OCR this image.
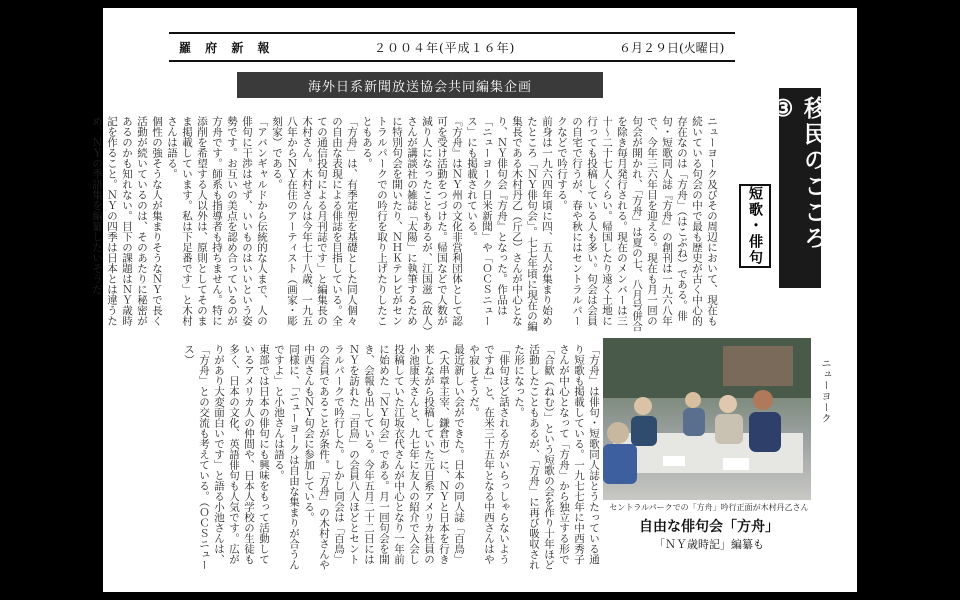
羅 府 新 報	２００４年(平成１６年)	６月２９日(火曜日)
海外日系新聞放送協会共同編集企画
ニューヨーク及びその周辺において、現在も続いている句会の中で最も歴史が古く中心的存在なのは「方舟」（はこぶね）である。俳句・短歌同人誌『方舟』の創刊は一九六八年で、今年三六年目を迎える。現在も月一回の句会が開かれ、「方舟」は夏の七、八月号併合を除き毎月発行される。現在のメンバーは三十〜二十七人くらい。帰国したり遠く土地に行っても投稿している人も多い。句会は会員の自宅で行うが、春や秋にはセントラルパークなどで吟行する。
前身は一九六四年頃に四、五人が集まり始めたところ「ＮＹ俳句会」。七七年頃に現在の編集長である木村丹乙（斤乙）さんが中心となり、ＮＹ俳句会『方舟』となった。作品は「ニューヨーク日米新聞」や「ＯＣＳニュース」にも掲載されている。
『方舟』はＮＹ州の文化非営利団体として認可を受け活動をつづけた。帰国などで人数が減り人になったこともあるが、江国滋（故人）さんが講談社の雑誌「太陽」に執筆するために特別句会を開いたり、ＮＨＫテレビがセントラルパークでの吟行を取り上げたりしたこともある。
「方舟」は、有季定型を基礎とした同人個々の自由な表現による俳誌を目指している。全ての通信投句による月刊誌です」と編集長の木村さん。木村さんは今年七十八歳、一九五八年からＮＹ在住のアーティスト（画家・彫刻家）である。
「アバンギャルドから伝統的な人まで、人の俳句に干渉はせず、いいものはいいという姿勢です。お互いの美点を認め合っているのが方舟です。師系も指導者も持ちません。特に添削を希望する人以外は、原則としてそのまま掲載しています。私は下足番です」と木村さんは語る。
個性の強そうな人が集まりそうなＮＹで長く活動が続いているのは、そのあたりに秘密があるのかも知れない。目下の課題はＮＹ歳時記を作ること。ＮＹの四季は日本とは違うため、ＮＹの季語集を編纂したいそうだ
「方舟」は俳句・短歌同人誌とうたっている通り短歌も掲載している。一九七七年に中西秀子さんが中心となって「方舟」から独立する形で「合歓（ねむ）」という短歌の会を作り十年ほど活動したこともあるが、「方舟」に再び吸収された形になった。
「俳句ほど話される方がいらっしゃらないようですね」と、在米三十五年となる中西さんはやや寂しそうだ。
最近新しい会ができた。日本の同人誌「百鳥」（大串章主宰、鎌倉市）に、ＮＹと日本を行き来しながら投稿していた元日系アメリカ社員の小池康夫さんと、九七年に友人の紹介で入会し投稿していた江坂衣代さんが中心となり一年前に始めた「ＮＹ句会」である。月一回句会を開き、会報も出している。今年五月二十二日にはＮＹを訪れた「百鳥」の会員八人ほどとセントラルパークで吟行した。しかし同会は「百鳥」の会員であることが条件。「方舟」の木村さんや中西さんもＮＹ句会に参加している。
同様に、「ニューヨークは自由な集まりが合うんですよ」と小池さんは語る。
東部では日本の俳句にも興味をもって活動しているアメリカ人の仲間や、日本人学校の生徒も多く、日本の文化、英語俳句も人気です。広がりがあり大変面白いです」と語る小池さんは、「方舟」との交流も考えている。（ＯＣＳニュース）
移民のこころ ③
短歌・俳句
ニューヨーク
セントラルパークでの「方舟」吟行正面が木村丹乙さん
自由な俳句会「方舟」
「ＮＹ歳時記」編纂も
